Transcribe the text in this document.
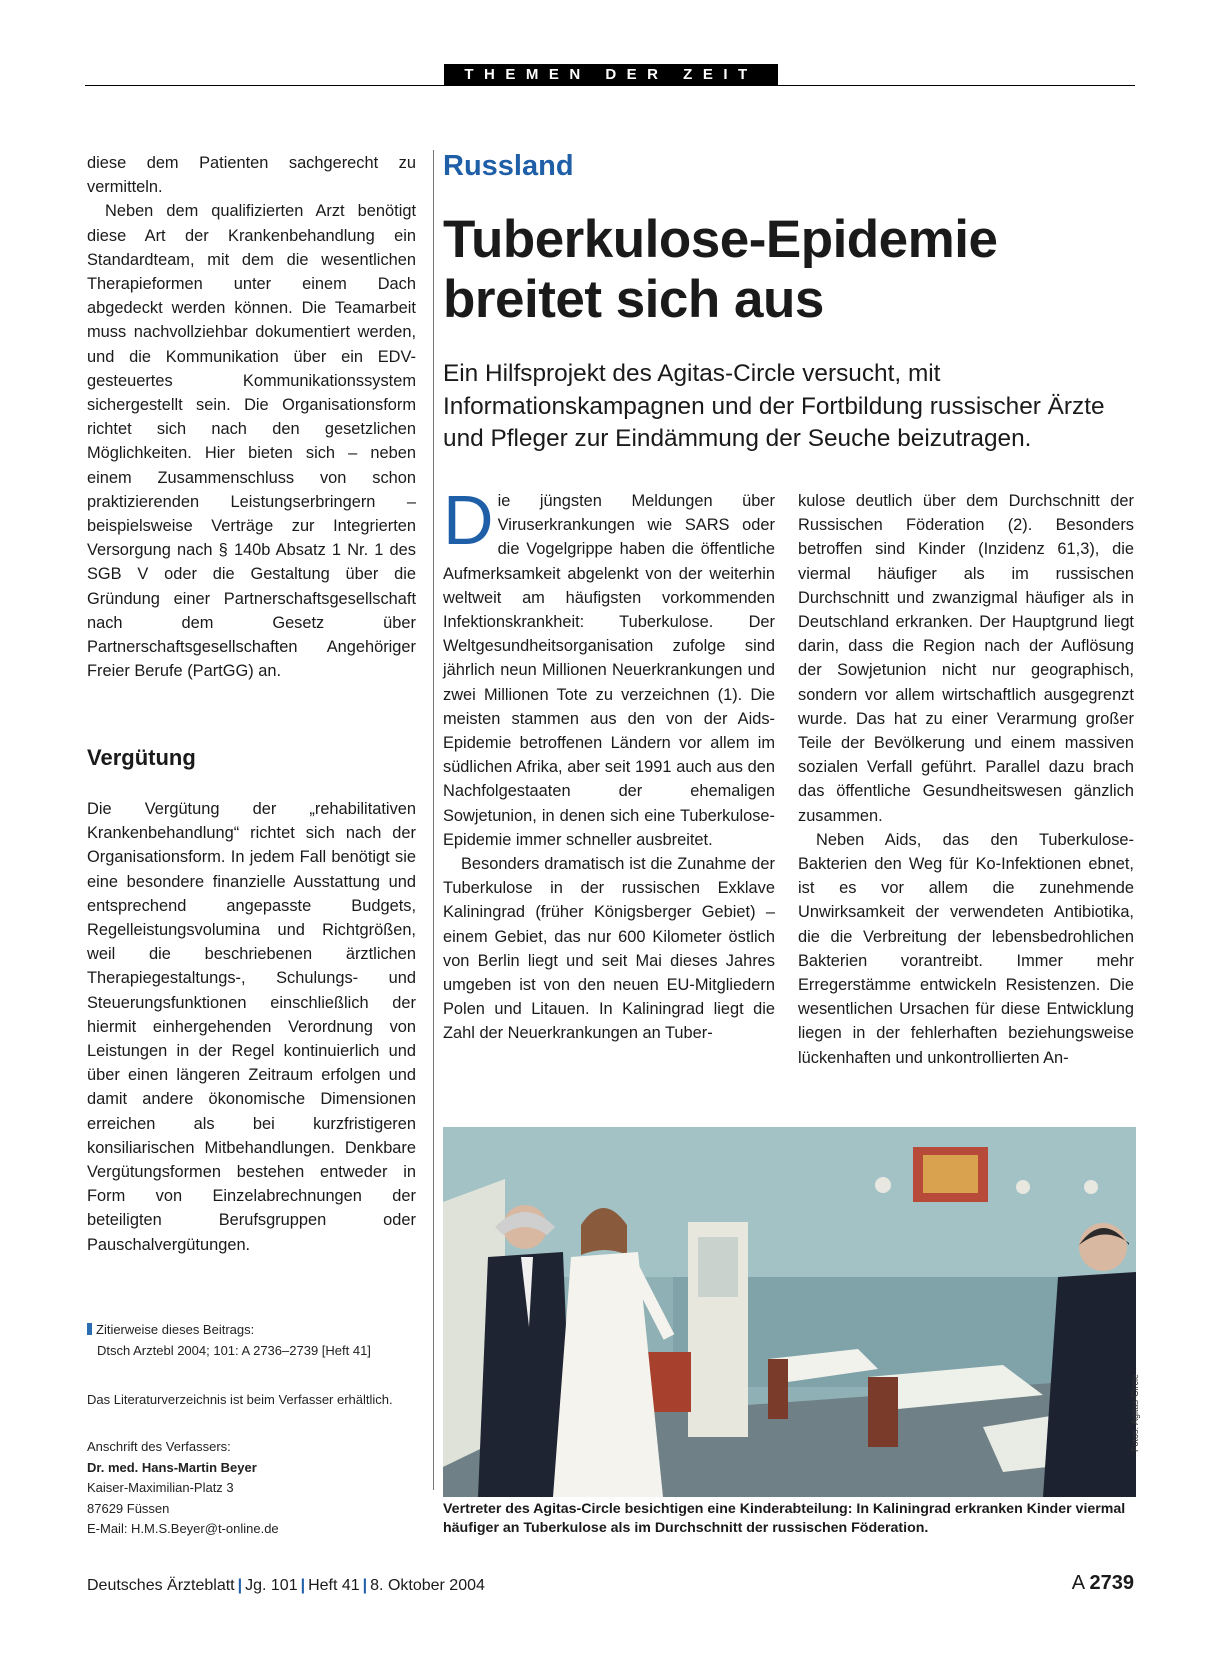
THEMEN DER ZEIT

diese dem Patienten sachgerecht zu vermitteln.

Neben dem qualifizierten Arzt benötigt diese Art der Krankenbehandlung ein Standardteam, mit dem die wesentlichen Therapieformen unter einem Dach abgedeckt werden können. Die Teamarbeit muss nachvollziehbar dokumentiert werden, und die Kommunikation über ein EDV-gesteuertes Kommunikationssystem sichergestellt sein. Die Organisationsform richtet sich nach den gesetzlichen Möglichkeiten. Hier bieten sich – neben einem Zusammenschluss von schon praktizierenden Leistungserbringern – beispielsweise Verträge zur Integrierten Versorgung nach § 140b Absatz 1 Nr. 1 des SGB V oder die Gestaltung über die Gründung einer Partnerschaftsgesellschaft nach dem Gesetz über Partnerschaftsgesellschaften Angehöriger Freier Berufe (PartGG) an.

Vergütung

Die Vergütung der „rehabilitativen Krankenbehandlung“ richtet sich nach der Organisationsform. In jedem Fall benötigt sie eine besondere finanzielle Ausstattung und entsprechend angepasste Budgets, Regelleistungsvolumina und Richtgrößen, weil die beschriebenen ärztlichen Therapiegestaltungs-, Schulungs- und Steuerungsfunktionen einschließlich der hiermit einhergehenden Verordnung von Leistungen in der Regel kontinuierlich und über einen längeren Zeitraum erfolgen und damit andere ökonomische Dimensionen erreichen als bei kurzfristigeren konsiliarischen Mitbehandlungen. Denkbare Vergütungsformen bestehen entweder in Form von Einzelabrechnungen der beteiligten Berufsgruppen oder Pauschalvergütungen.

Zitierweise dieses Beitrags:
Dtsch Arztebl 2004; 101: A 2736–2739 [Heft 41]
Das Literaturverzeichnis ist beim Verfasser erhältlich.
Anschrift des Verfassers:
Dr. med. Hans-Martin Beyer
Kaiser-Maximilian-Platz 3
87629 Füssen
E-Mail: H.M.S.Beyer@t-online.de
Russland
Tuberkulose-Epidemie
breitet sich aus
Ein Hilfsprojekt des Agitas-Circle versucht, mit Informationskampagnen und der Fortbildung russischer Ärzte und Pfleger zur Eindämmung der Seuche beizutragen.

Die jüngsten Meldungen über Viruserkrankungen wie SARS oder die Vogelgrippe haben die öffentliche Aufmerksamkeit abgelenkt von der weiterhin weltweit am häufigsten vorkommenden Infektionskrankheit: Tuberkulose. Der Weltgesundheitsorganisation zufolge sind jährlich neun Millionen Neuerkrankungen und zwei Millionen Tote zu verzeichnen (1). Die meisten stammen aus den von der Aids-Epidemie betroffenen Ländern vor allem im südlichen Afrika, aber seit 1991 auch aus den Nachfolgestaaten der ehemaligen Sowjetunion, in denen sich eine Tuberkulose-Epidemie immer schneller ausbreitet.

Besonders dramatisch ist die Zunahme der Tuberkulose in der russischen Exklave Kaliningrad (früher Königsberger Gebiet) – einem Gebiet, das nur 600 Kilometer östlich von Berlin liegt und seit Mai dieses Jahres umgeben ist von den neuen EU-Mitgliedern Polen und Litauen. In Kaliningrad liegt die Zahl der Neuerkrankungen an Tuber-

kulose deutlich über dem Durchschnitt der Russischen Föderation (2). Besonders betroffen sind Kinder (Inzidenz 61,3), die viermal häufiger als im russischen Durchschnitt und zwanzigmal häufiger als in Deutschland erkranken. Der Hauptgrund liegt darin, dass die Region nach der Auflösung der Sowjetunion nicht nur geographisch, sondern vor allem wirtschaftlich ausgegrenzt wurde. Das hat zu einer Verarmung großer Teile der Bevölkerung und einem massiven sozialen Verfall geführt. Parallel dazu brach das öffentliche Gesundheitswesen gänzlich zusammen.

Neben Aids, das den Tuberkulose-Bakterien den Weg für Ko-Infektionen ebnet, ist es vor allem die zunehmende Unwirksamkeit der verwendeten Antibiotika, die die Verbreitung der lebensbedrohlichen Bakterien vorantreibt. Immer mehr Erregerstämme entwickeln Resistenzen. Die wesentlichen Ursachen für diese Entwicklung liegen in der fehlerhaften beziehungsweise lückenhaften und unkontrollierten An-

Fotos: Agitas-Circle
Vertreter des Agitas-Circle besichtigen eine Kinderabteilung: In Kaliningrad erkranken Kinder viermal häufiger an Tuberkulose als im Durchschnitt der russischen Föderation.
Deutsches Ärzteblatt | Jg. 101 | Heft 41 | 8. Oktober 2004	A 2739
